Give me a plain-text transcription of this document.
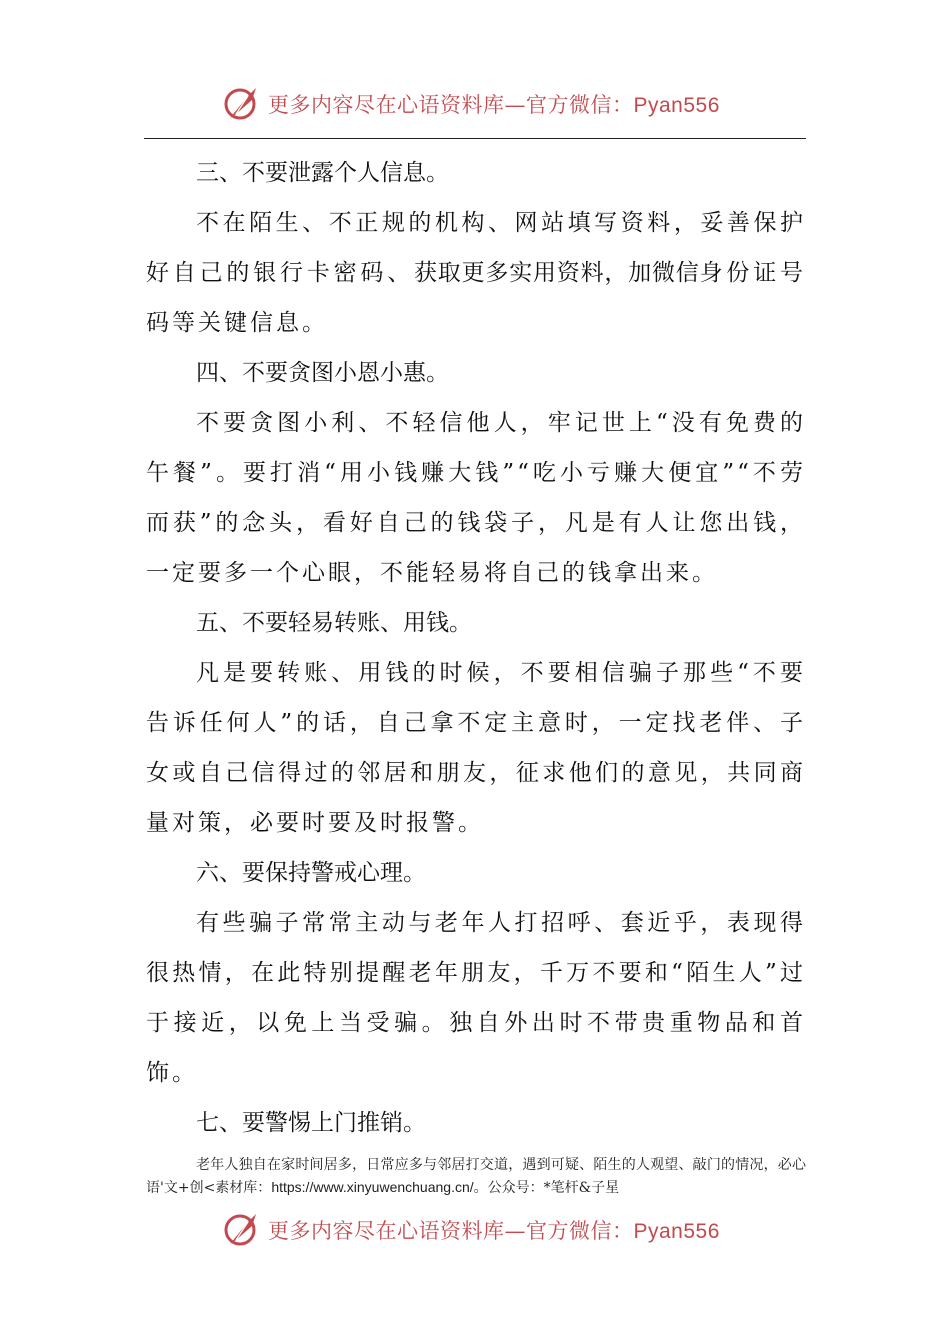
更多内容尽在心语资料库—官方微信：Pyan556
三、不要泄露个人信息。

不在陌生、不正规的机构、网站填写资料，妥善保护好自己的银行卡密码、获取更多实用资料，加微信身份证号码等关键信息。

四、不要贪图小恩小惠。

不要贪图小利、不轻信他人，牢记世上“没有免费的午餐”。要打消“用小钱赚大钱”“吃小亏赚大便宜”“不劳而获”的念头，看好自己的钱袋子，凡是有人让您出钱，一定要多一个心眼，不能轻易将自己的钱拿出来。

五、不要轻易转账、用钱。

凡是要转账、用钱的时候，不要相信骗子那些“不要告诉任何人”的话，自己拿不定主意时，一定找老伴、子女或自己信得过的邻居和朋友，征求他们的意见，共同商量对策，必要时要及时报警。

六、要保持警戒心理。

有些骗子常常主动与老年人打招呼、套近乎，表现得很热情，在此特别提醒老年朋友，千万不要和“陌生人”过于接近，以免上当受骗。独自外出时不带贵重物品和首饰。

七、要警惕上门推销。

老年人独自在家时间居多，日常应多与邻居打交道，遇到可疑、陌生的人观望、敲门的情况，必心语'文+创<素材库：https://www.xinyuwenchuang.cn/。公众号：*笔杆&子星

更多内容尽在心语资料库—官方微信：Pyan556
